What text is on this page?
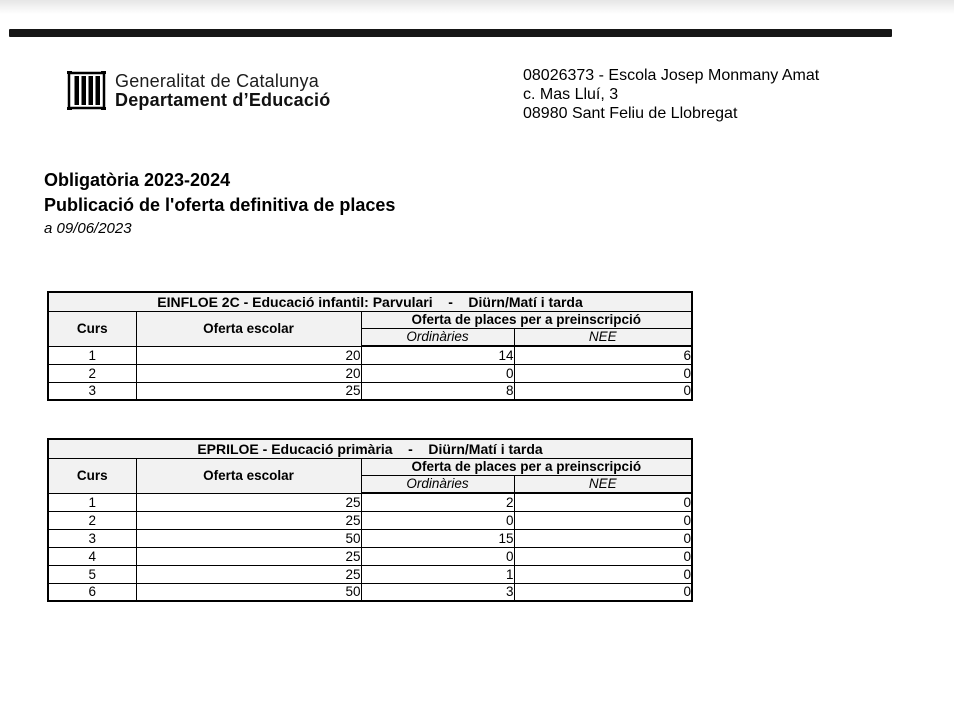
Generalitat de Catalunya
Departament d’Educació
08026373 - Escola Josep Monmany Amat
c. Mas Lluí, 3
08980 Sant Feliu de Llobregat
Obligatòria 2023-2024
Publicació de l'oferta definitiva de places
a 09/06/2023
EINFLOE 2C - Educació infantil: Parvulari    -    Diürn/Matí i tarda			
Curs	Oferta escolar	Oferta de places per a preinscripció	
		Ordinàries	NEE
1	20	14	6
2	20	0	0
3	25	8	0
EPRILOE - Educació primària    -    Diürn/Matí i tarda			
Curs	Oferta escolar	Oferta de places per a preinscripció	
		Ordinàries	NEE
1	25	2	0
2	25	0	0
3	50	15	0
4	25	0	0
5	25	1	0
6	50	3	0
